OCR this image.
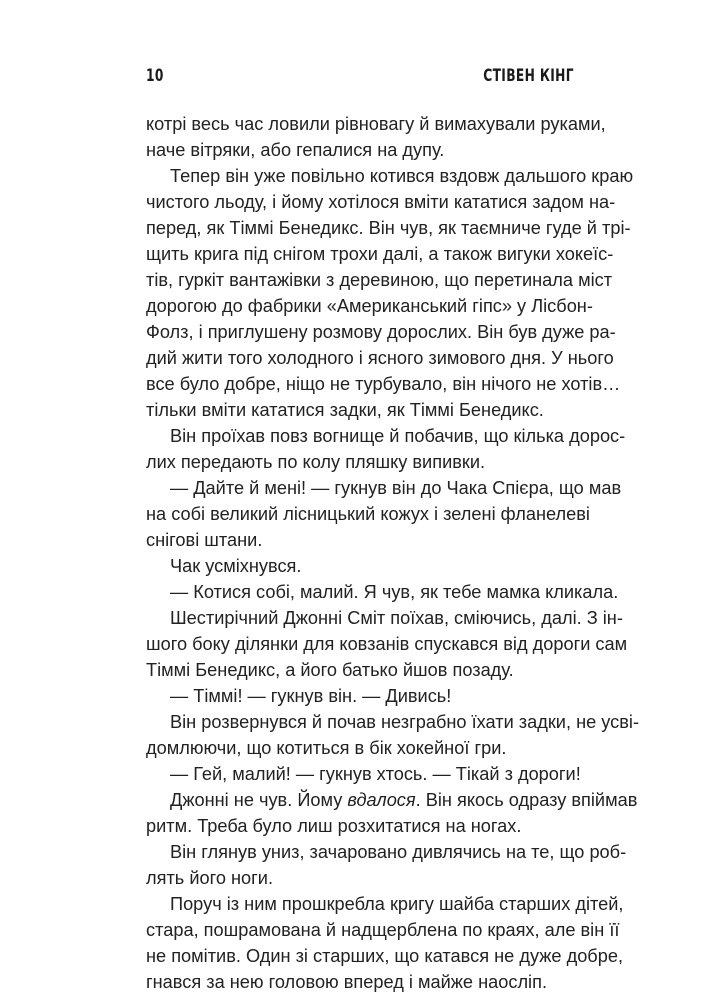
10	СТІВЕН КІНГ
котрі весь час ловили рівновагу й вимахували руками,
наче вітряки, або гепалися на дупу.
Тепер він уже повільно котився вздовж дальшого краю
чистого льоду, і йому хотілося вміти кататися задом на-
перед, як Тіммі Бенедикс. Він чув, як таємниче гуде й трі-
щить крига під снігом трохи далі, а також вигуки хокеїс-
тів, гуркіт вантажівки з деревиною, що перетинала міст
дорогою до фабрики «Американський гіпс» у Лісбон-
Фолз, і приглушену розмову дорослих. Він був дуже ра-
дий жити того холодного і ясного зимового дня. У нього
все було добре, ніщо не турбувало, він нічого не хотів…
тільки вміти кататися задки, як Тіммі Бенедикс.
Він проїхав повз вогнище й побачив, що кілька дорос-
лих передають по колу пляшку випивки.
— Дайте й мені! — гукнув він до Чака Спієра, що мав
на собі великий лісницький кожух і зелені фланелеві
снігові штани.
Чак усміхнувся.
— Котися собі, малий. Я чув, як тебе мамка кликала.
Шестирічний Джонні Сміт поїхав, сміючись, далі. З ін-
шого боку ділянки для ковзанів спускався від дороги сам
Тіммі Бенедикс, а його батько йшов позаду.
— Тіммі! — гукнув він. — Дивись!
Він розвернувся й почав незграбно їхати задки, не усві-
домлюючи, що котиться в бік хокейної гри.
— Гей, малий! — гукнув хтось. — Тікай з дороги!
Джонні не чув. Йому вдалося. Він якось одразу впіймав
ритм. Треба було лиш розхитатися на ногах.
Він глянув униз, зачаровано дивлячись на те, що роб-
лять його ноги.
Поруч із ним прошкребла кригу шайба старших дітей,
стара, пошрамована й надщерблена по краях, але він її
не помітив. Один зі старших, що катався не дуже добре,
гнався за нею головою вперед і майже наосліп.
